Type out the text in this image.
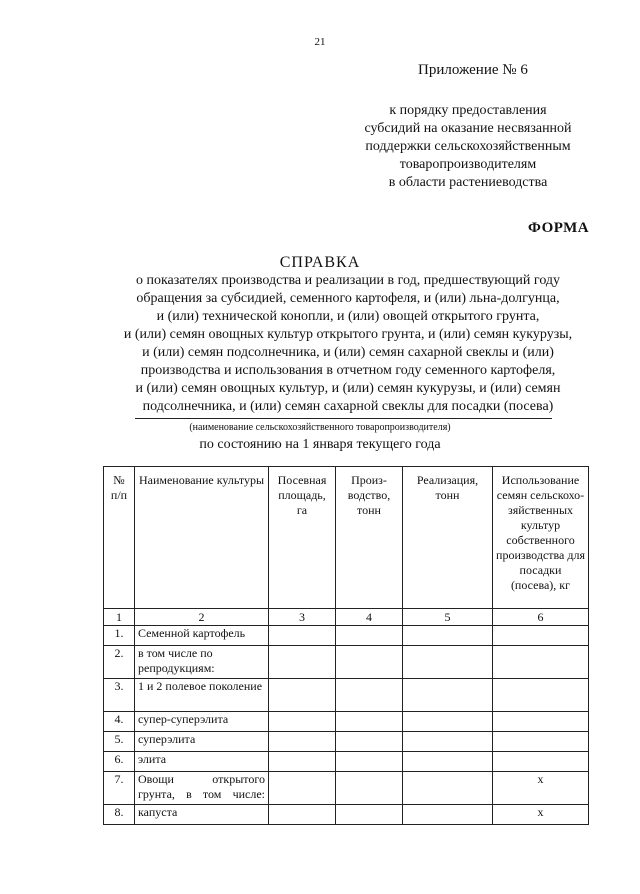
21
Приложение № 6
к порядку предоставления
субсидий на оказание несвязанной
поддержки сельскохозяйственным
товаропроизводителям
в области растениеводства
ФОРМА
СПРАВКА
о показателях производства и реализации в год, предшествующий году
обращения за субсидией, семенного картофеля, и (или) льна-долгунца,
и (или) технической конопли, и (или) овощей открытого грунта,
и (или) семян овощных культур открытого грунта, и (или) семян кукурузы,
и (или) семян подсолнечника, и (или) семян сахарной свеклы и (или)
производства и использования в отчетном году семенного картофеля,
и (или) семян овощных культур, и (или) семян кукурузы, и (или) семян
подсолнечника, и (или) семян сахарной свеклы для посадки (посева)
(наименование сельскохозяйственного товаропроизводителя)
по состоянию на 1 января текущего года
№ п/п	Наименование культуры	Посевная площадь, га	Произ-водство, тонн	Реализация, тонн	Использование семян сельскохо-зяйственных культур собственного производства для посадки (посева), кг
1	2	3	4	5	6
1.	Семенной картофель				
2.	в том числе по репродукциям:				
3.	1 и 2 полевое поколение				
4.	супер-суперэлита				
5.	суперэлита				
6.	элита				
7.	Овощи открытого грунта, в том числе:				х
8.	капуста				х
